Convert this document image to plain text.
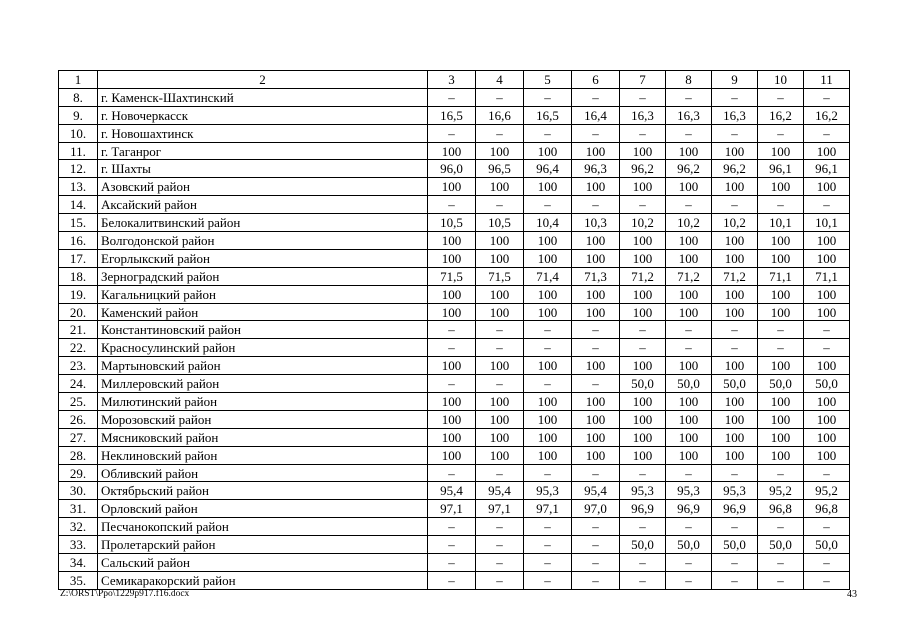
1	2	3	4	5	6	7	8	9	10	11
8.	г. Каменск-Шахтинский	–	–	–	–	–	–	–	–	–
9.	г. Новочеркасск	16,5	16,6	16,5	16,4	16,3	16,3	16,3	16,2	16,2
10.	г. Новошахтинск	–	–	–	–	–	–	–	–	–
11.	г. Таганрог	100	100	100	100	100	100	100	100	100
12.	г. Шахты	96,0	96,5	96,4	96,3	96,2	96,2	96,2	96,1	96,1
13.	Азовский район	100	100	100	100	100	100	100	100	100
14.	Аксайский район	–	–	–	–	–	–	–	–	–
15.	Белокалитвинский район	10,5	10,5	10,4	10,3	10,2	10,2	10,2	10,1	10,1
16.	Волгодонской район	100	100	100	100	100	100	100	100	100
17.	Егорлыкский район	100	100	100	100	100	100	100	100	100
18.	Зерноградский район	71,5	71,5	71,4	71,3	71,2	71,2	71,2	71,1	71,1
19.	Кагальницкий район	100	100	100	100	100	100	100	100	100
20.	Каменский район	100	100	100	100	100	100	100	100	100
21.	Константиновский район	–	–	–	–	–	–	–	–	–
22.	Красносулинский район	–	–	–	–	–	–	–	–	–
23.	Мартыновский район	100	100	100	100	100	100	100	100	100
24.	Миллеровский район	–	–	–	–	50,0	50,0	50,0	50,0	50,0
25.	Милютинский район	100	100	100	100	100	100	100	100	100
26.	Морозовский район	100	100	100	100	100	100	100	100	100
27.	Мясниковский район	100	100	100	100	100	100	100	100	100
28.	Неклиновский район	100	100	100	100	100	100	100	100	100
29.	Обливский район	–	–	–	–	–	–	–	–	–
30.	Октябрьский район	95,4	95,4	95,3	95,4	95,3	95,3	95,3	95,2	95,2
31.	Орловский район	97,1	97,1	97,1	97,0	96,9	96,9	96,9	96,8	96,8
32.	Песчанокопский район	–	–	–	–	–	–	–	–	–
33.	Пролетарский район	–	–	–	–	50,0	50,0	50,0	50,0	50,0
34.	Сальский район	–	–	–	–	–	–	–	–	–
35.	Семикаракорский район	–	–	–	–	–	–	–	–	–
Z:\ORST\Ppo\1229p917.f16.docx	43
